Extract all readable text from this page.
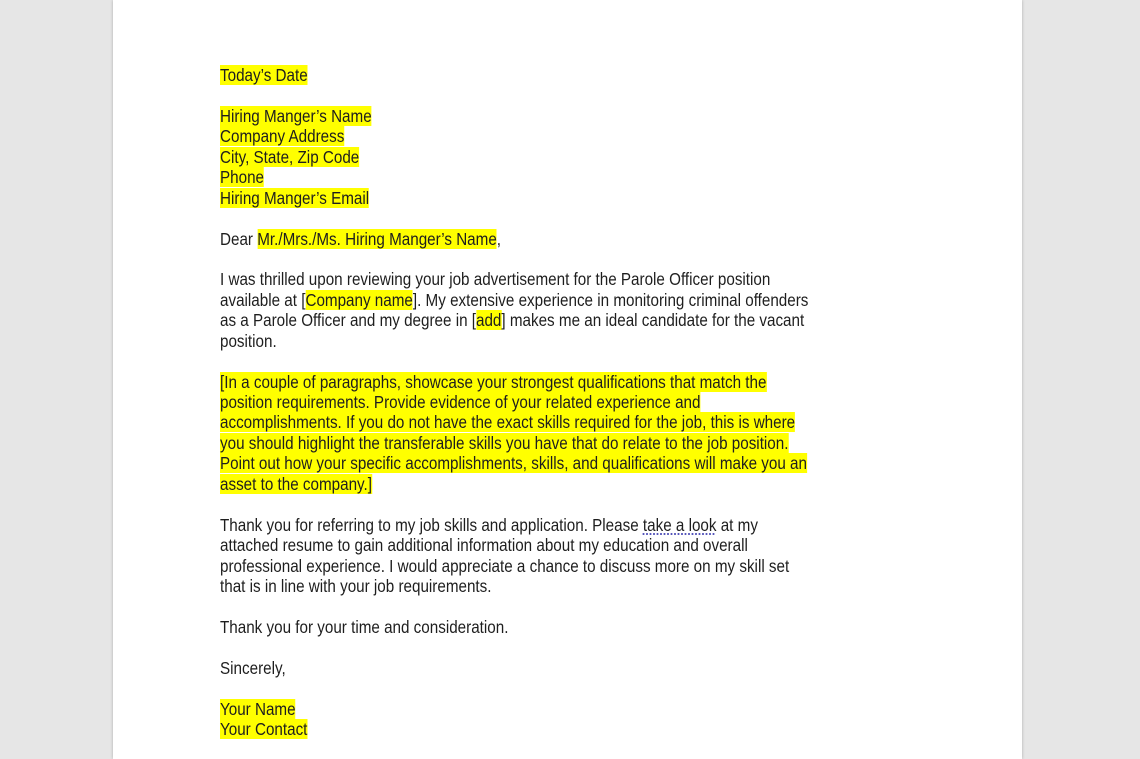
Today’s Date
Hiring Manger’s Name
Company Address
City, State, Zip Code
Phone
Hiring Manger’s Email
Dear Mr./Mrs./Ms. Hiring Manger’s Name,
I was thrilled upon reviewing your job advertisement for the Parole Officer position
available at [Company name]. My extensive experience in monitoring criminal offenders
as a Parole Officer and my degree in [add] makes me an ideal candidate for the vacant
position.
[In a couple of paragraphs, showcase your strongest qualifications that match the
position requirements. Provide evidence of your related experience and
accomplishments. If you do not have the exact skills required for the job, this is where
you should highlight the transferable skills you have that do relate to the job position.
Point out how your specific accomplishments, skills, and qualifications will make you an
asset to the company.]
Thank you for referring to my job skills and application. Please take a look at my
attached resume to gain additional information about my education and overall
professional experience. I would appreciate a chance to discuss more on my skill set
that is in line with your job requirements.
Thank you for your time and consideration.
Sincerely,
Your Name
Your Contact
